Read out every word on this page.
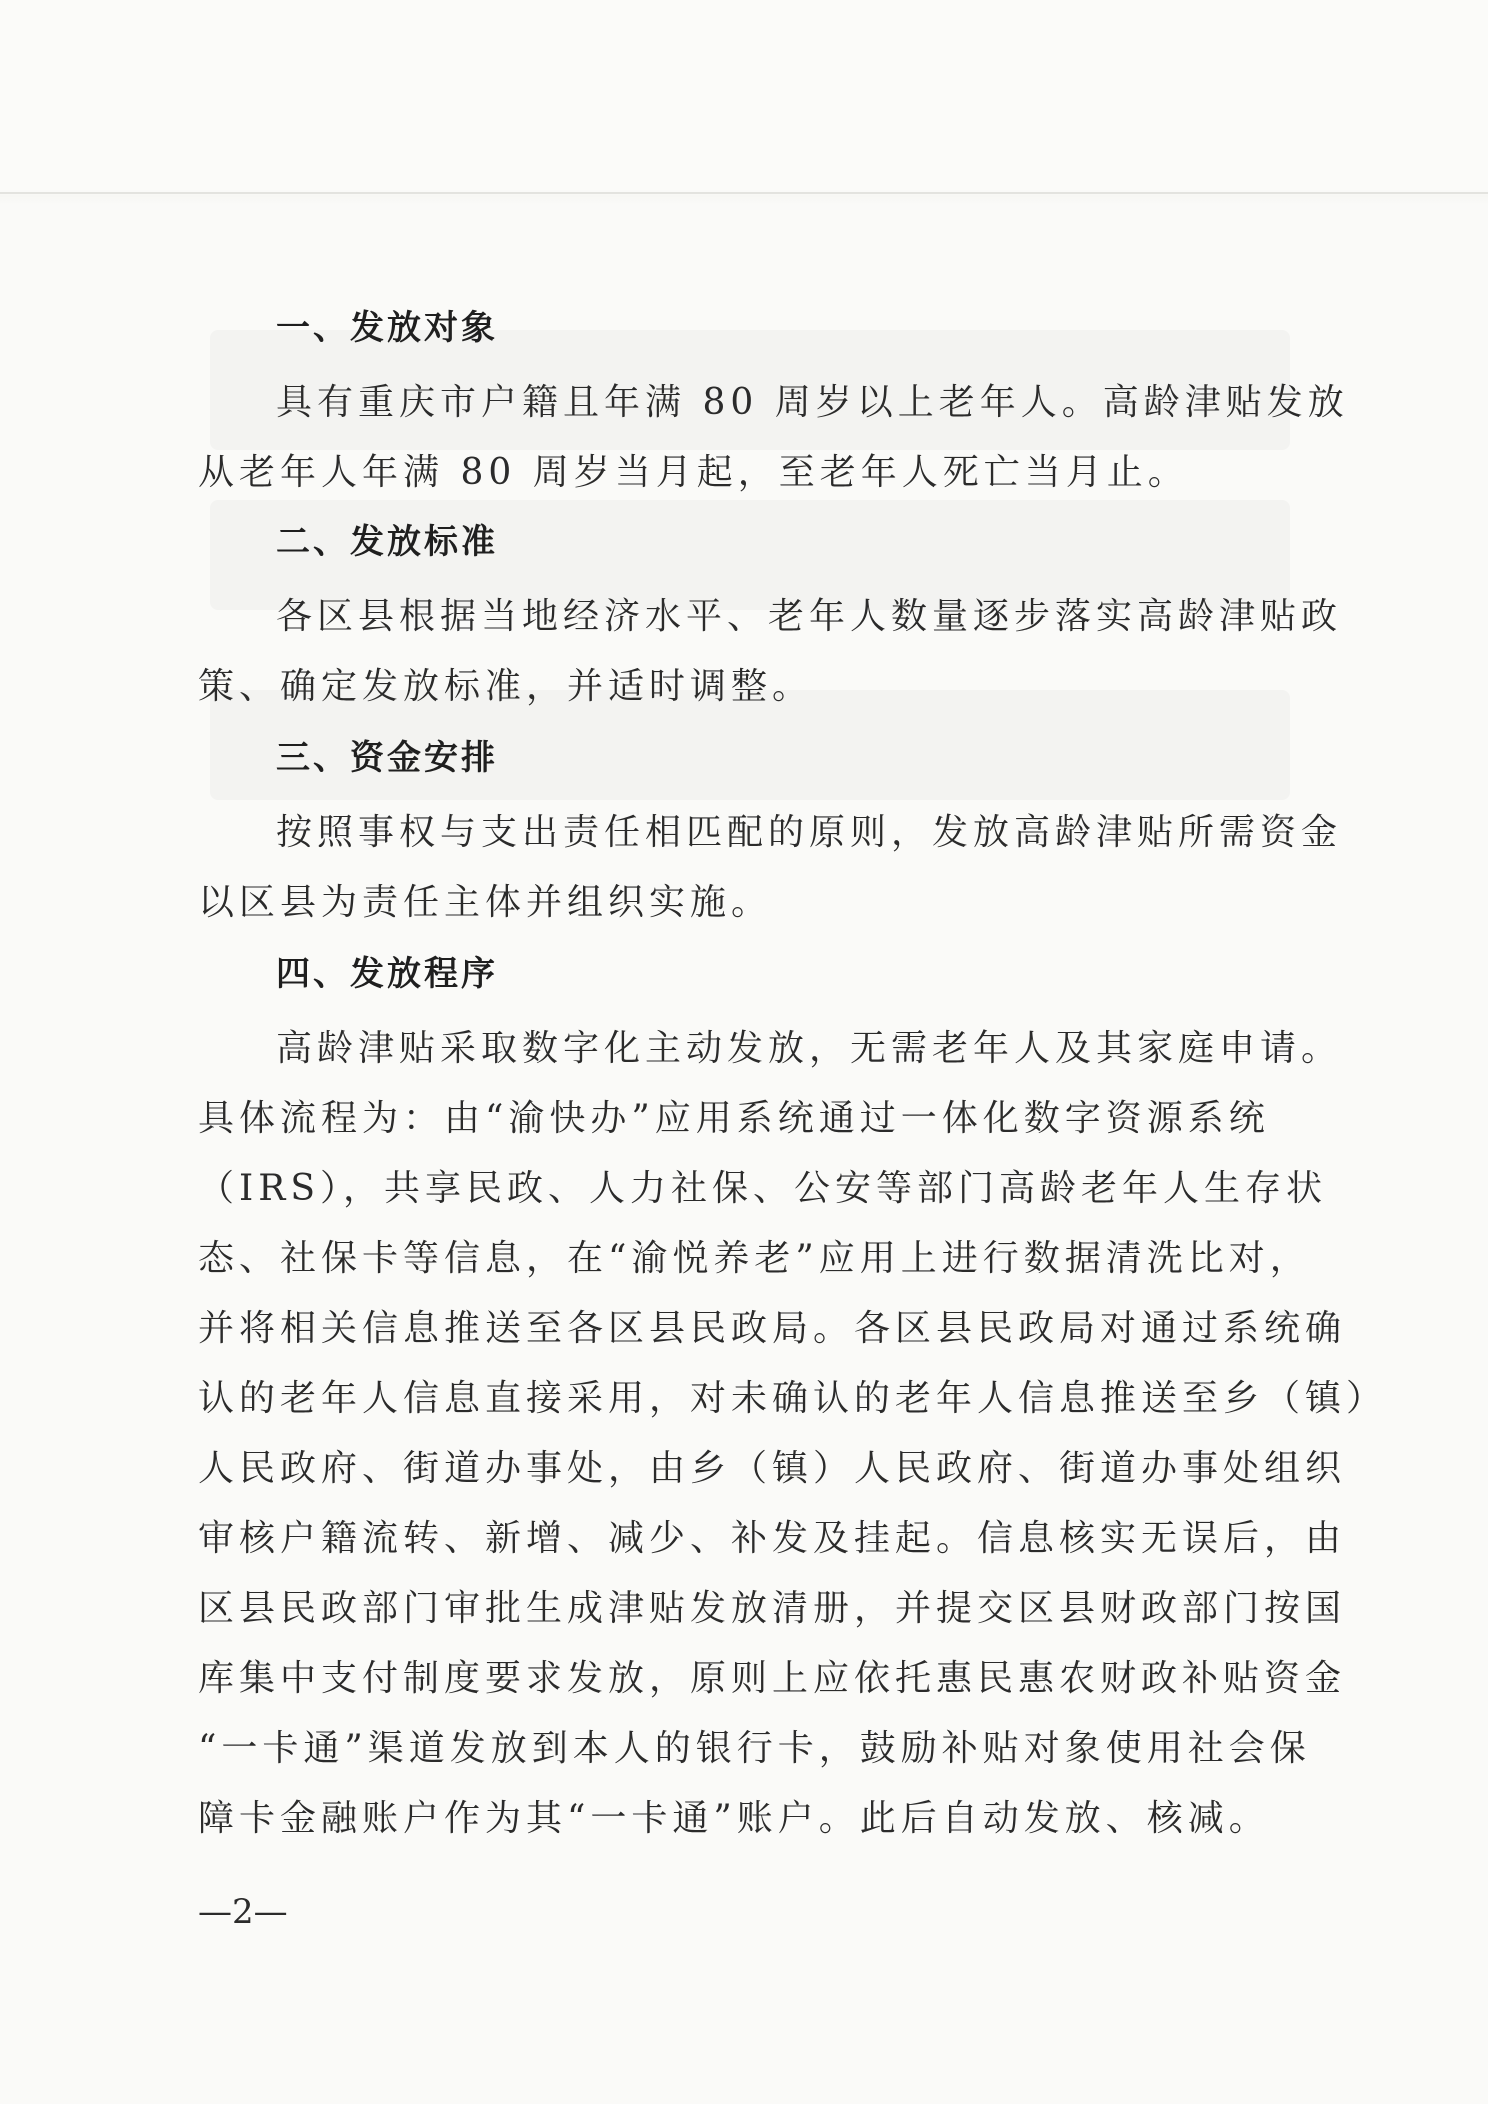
一、发放对象
具有重庆市户籍且年满 80 周岁以上老年人。高龄津贴发放
从老年人年满 80 周岁当月起，至老年人死亡当月止。
二、发放标准
各区县根据当地经济水平、老年人数量逐步落实高龄津贴政
策、确定发放标准，并适时调整。
三、资金安排
按照事权与支出责任相匹配的原则，发放高龄津贴所需资金
以区县为责任主体并组织实施。
四、发放程序
高龄津贴采取数字化主动发放，无需老年人及其家庭申请。
具体流程为：由“渝快办”应用系统通过一体化数字资源系统
（IRS），共享民政、人力社保、公安等部门高龄老年人生存状
态、社保卡等信息，在“渝悦养老”应用上进行数据清洗比对，
并将相关信息推送至各区县民政局。各区县民政局对通过系统确
认的老年人信息直接采用，对未确认的老年人信息推送至乡（镇）
人民政府、街道办事处，由乡（镇）人民政府、街道办事处组织
审核户籍流转、新增、减少、补发及挂起。信息核实无误后，由
区县民政部门审批生成津贴发放清册，并提交区县财政部门按国
库集中支付制度要求发放，原则上应依托惠民惠农财政补贴资金
“一卡通”渠道发放到本人的银行卡，鼓励补贴对象使用社会保
障卡金融账户作为其“一卡通”账户。此后自动发放、核减。
—2—
